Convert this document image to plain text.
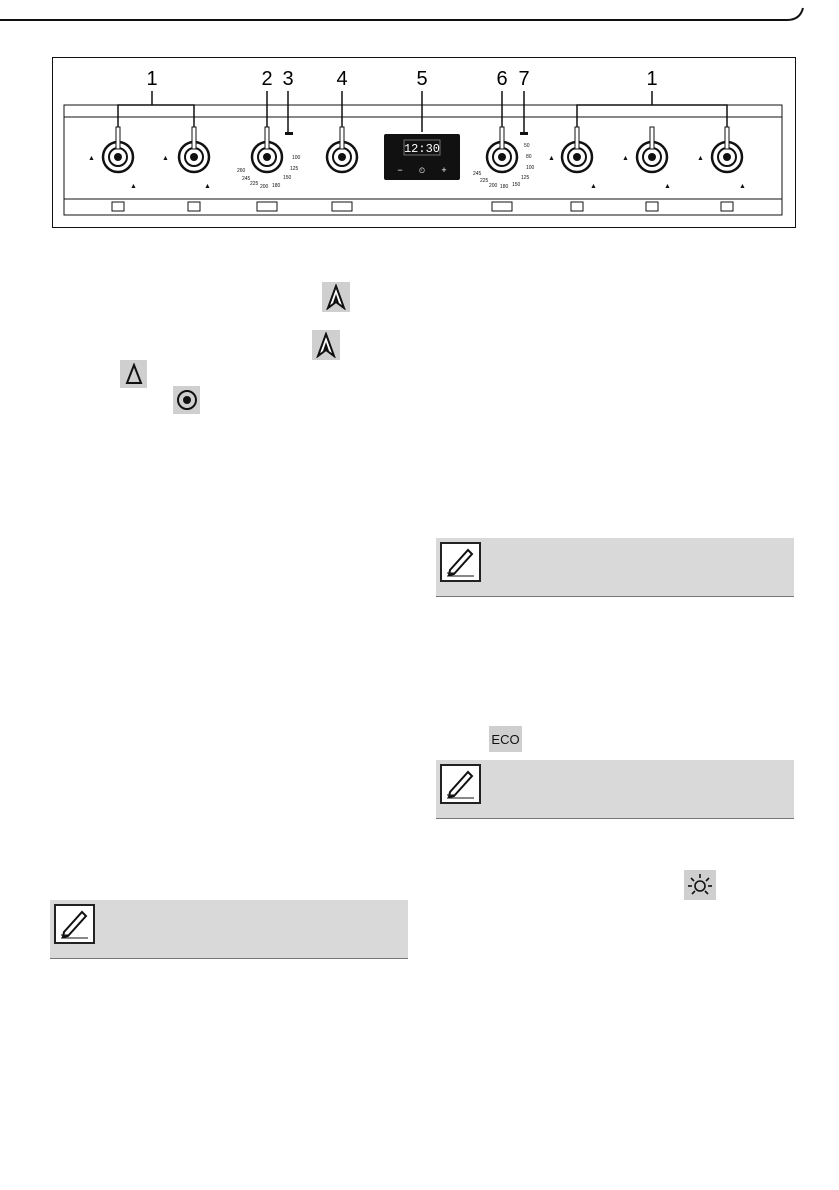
1	2 3 4	5	6 7	1
▲
▲
▲
▲
▲
▲
▲
▲
▲
▲
260
245
225 200 180
150
125
100
245
225
200 180 150
125
100
80
50
12:30
− ⏲ +
ECO
